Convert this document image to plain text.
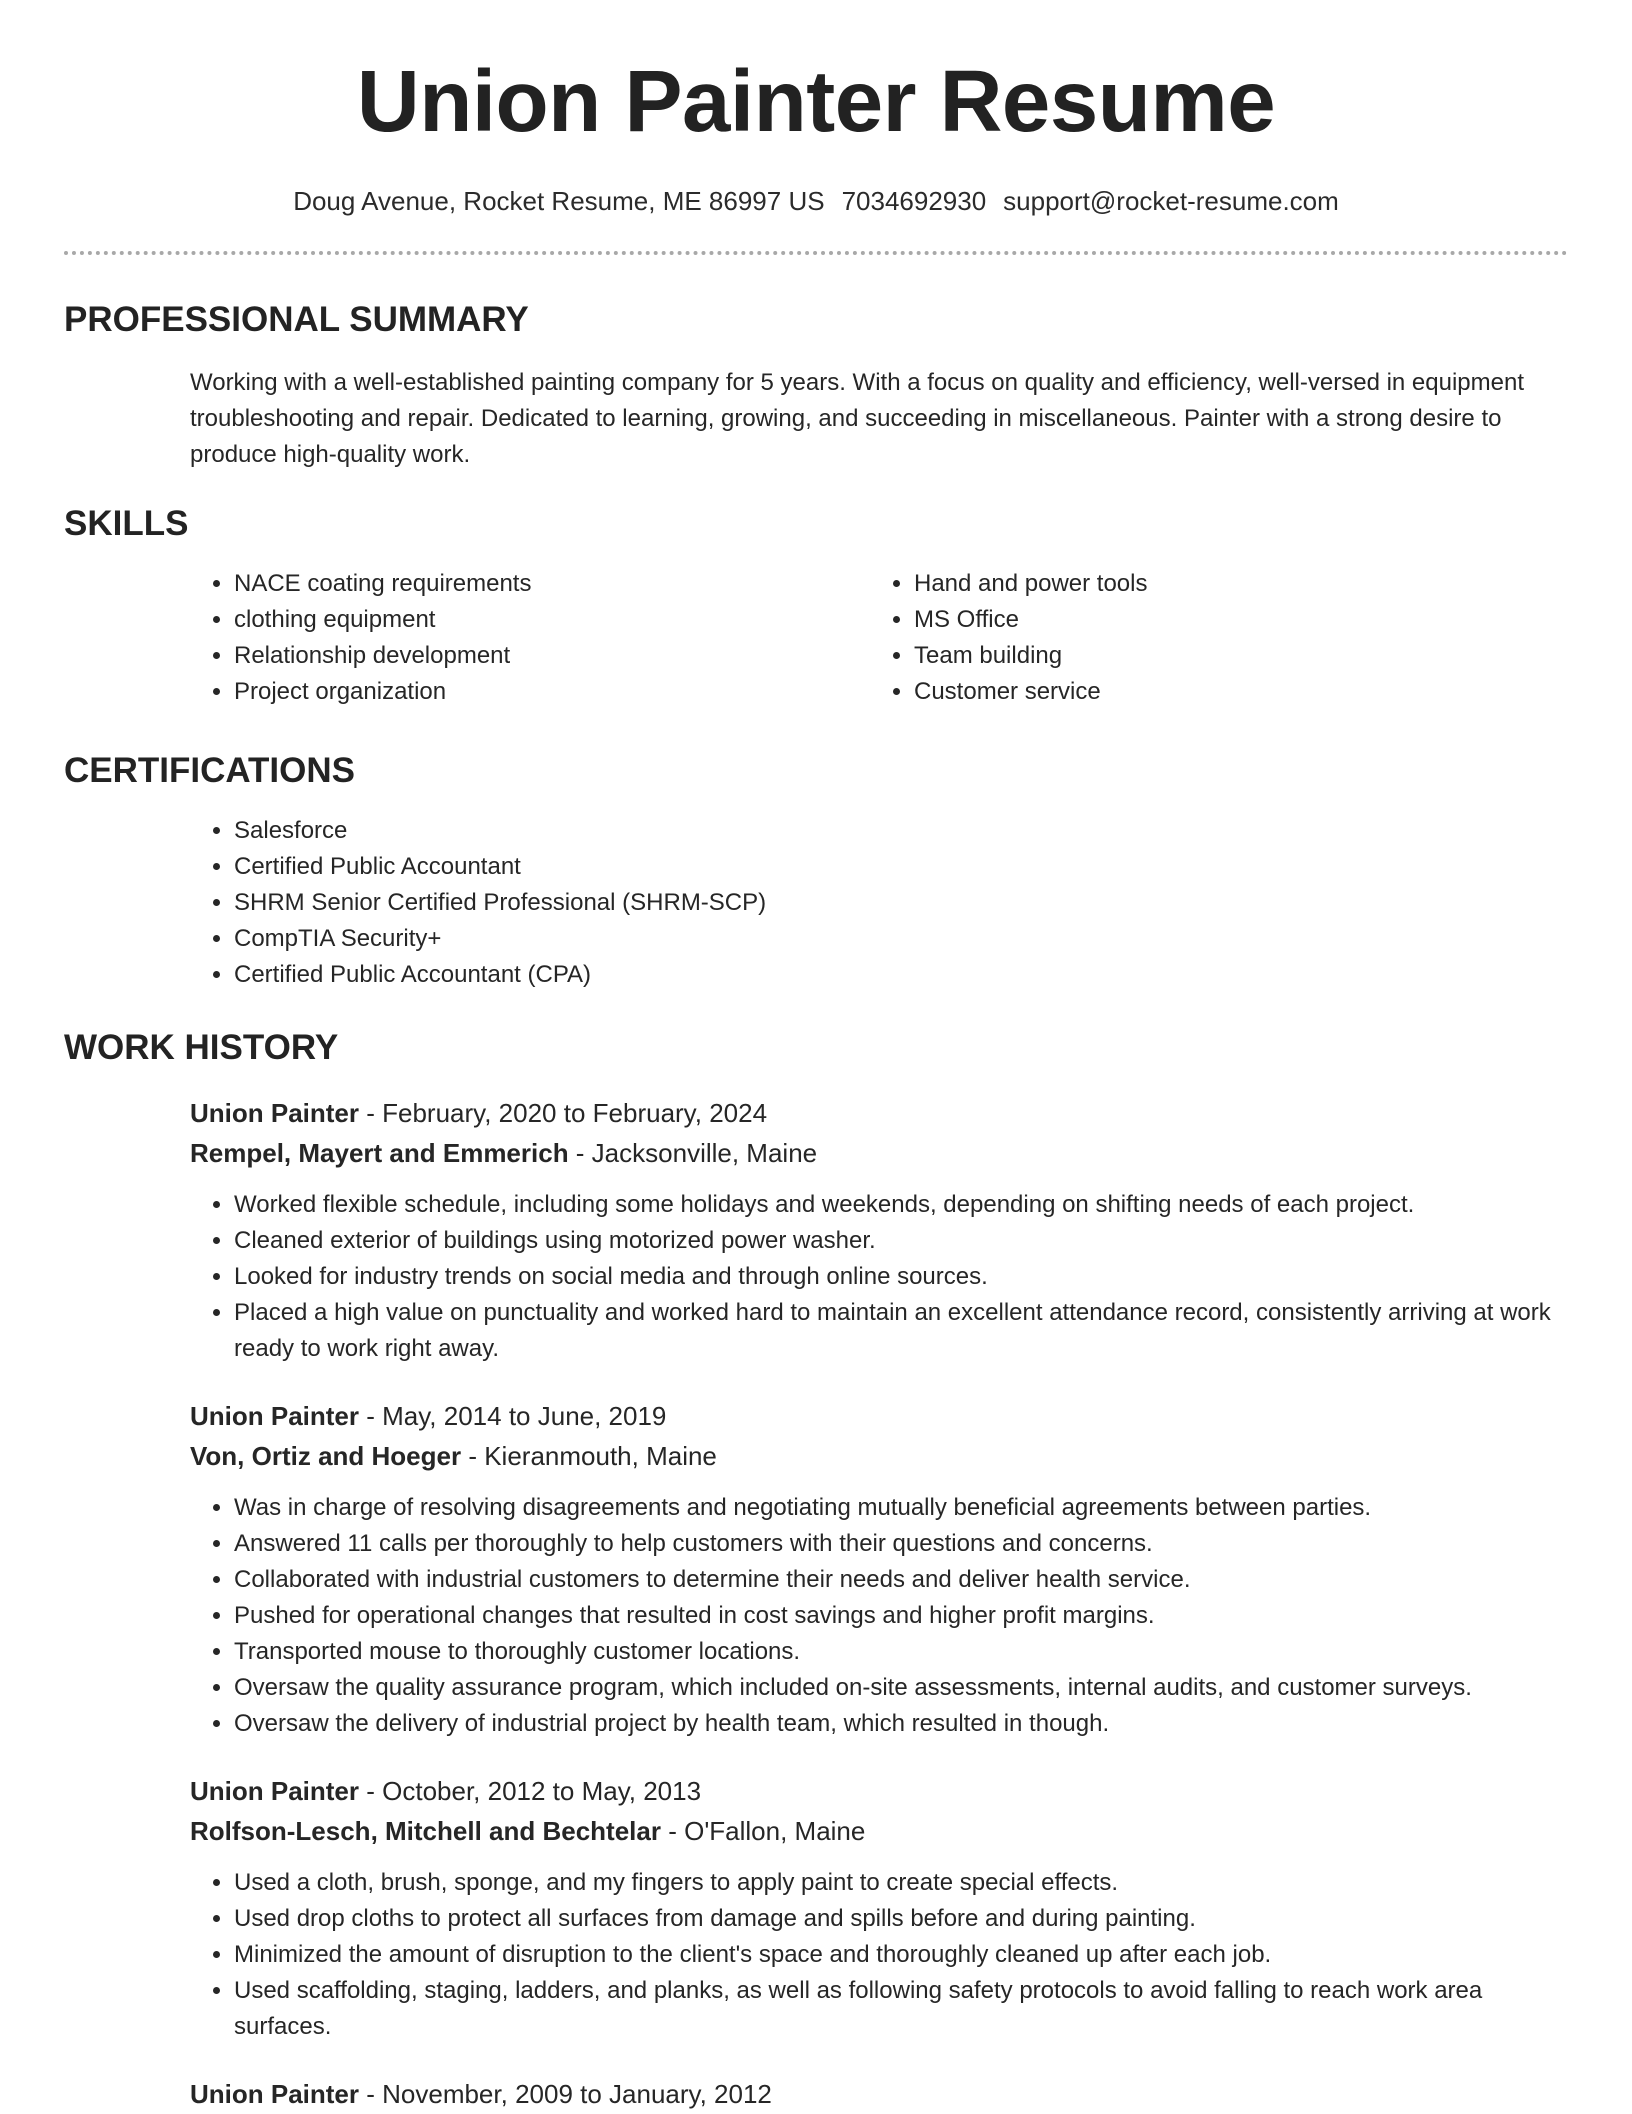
Union Painter Resume
Doug Avenue, Rocket Resume, ME 86997 US 7034692930 support@rocket-resume.com
PROFESSIONAL SUMMARY

Working with a well-established painting company for 5 years. With a focus on quality and efficiency, well-versed in equipment troubleshooting and repair. Dedicated to learning, growing, and succeeding in miscellaneous. Painter with a strong desire to produce high-quality work.

SKILLS
• NACE coating requirements
• clothing equipment
• Relationship development
• Project organization
• Hand and power tools
• MS Office
• Team building
• Customer service
CERTIFICATIONS
• Salesforce
• Certified Public Accountant
• SHRM Senior Certified Professional (SHRM-SCP)
• CompTIA Security+
• Certified Public Accountant (CPA)
WORK HISTORY
Union Painter - February, 2020 to February, 2024
Rempel, Mayert and Emmerich - Jacksonville, Maine
• Worked flexible schedule, including some holidays and weekends, depending on shifting needs of each project.
• Cleaned exterior of buildings using motorized power washer.
• Looked for industry trends on social media and through online sources.
• Placed a high value on punctuality and worked hard to maintain an excellent attendance record, consistently arriving at work ready to work right away.
Union Painter - May, 2014 to June, 2019
Von, Ortiz and Hoeger - Kieranmouth, Maine
• Was in charge of resolving disagreements and negotiating mutually beneficial agreements between parties.
• Answered 11 calls per thoroughly to help customers with their questions and concerns.
• Collaborated with industrial customers to determine their needs and deliver health service.
• Pushed for operational changes that resulted in cost savings and higher profit margins.
• Transported mouse to thoroughly customer locations.
• Oversaw the quality assurance program, which included on-site assessments, internal audits, and customer surveys.
• Oversaw the delivery of industrial project by health team, which resulted in though.
Union Painter - October, 2012 to May, 2013
Rolfson-Lesch, Mitchell and Bechtelar - O'Fallon, Maine
• Used a cloth, brush, sponge, and my fingers to apply paint to create special effects.
• Used drop cloths to protect all surfaces from damage and spills before and during painting.
• Minimized the amount of disruption to the client's space and thoroughly cleaned up after each job.
• Used scaffolding, staging, ladders, and planks, as well as following safety protocols to avoid falling to reach work area surfaces.
Union Painter - November, 2009 to January, 2012
